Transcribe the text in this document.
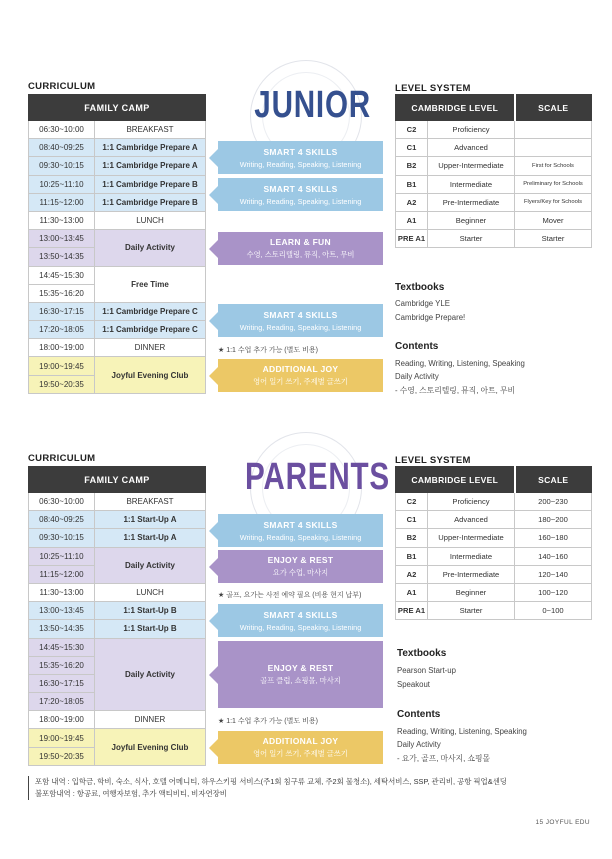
CURRICULUM
FAMILY CAMP	
06:30~10:00	BREAKFAST
08:40~09:25	1:1 Cambridge Prepare A
09:30~10:15	1:1 Cambridge Prepare A
10:25~11:10	1:1 Cambridge Prepare B
11:15~12:00	1:1 Cambridge Prepare B
11:30~13:00	LUNCH
13:00~13:45	Daily Activity
13:50~14:35	
14:45~15:30	Free Time
15:35~16:20	
16:30~17:15	1:1 Cambridge Prepare C
17:20~18:05	1:1 Cambridge Prepare C
18:00~19:00	DINNER
19:00~19:45	Joyful Evening Club
19:50~20:35	
JUNIOR
SMART 4 SKILLS
Writing, Reading, Speaking, Listening
SMART 4 SKILLS
Writing, Reading, Speaking, Listening
LEARN & FUN
수영, 스토리텔링, 뮤직, 아트, 무비
SMART 4 SKILLS
Writing, Reading, Speaking, Listening
★ 1:1 수업 추가 가능 (별도 비용)
ADDITIONAL JOY
영어 일기 쓰기, 주제별 글쓰기
LEVEL SYSTEM
CAMBRIDGE LEVEL		SCALE
C2	Proficiency	
C1	Advanced	
B2	Upper-Intermediate	First for Schools
B1	Intermediate	Preliminary for Schools
A2	Pre-Intermediate	Flyers/Key for Schools
A1	Beginner	Mover
PRE A1	Starter	Starter
Textbooks
Cambridge YLE
Cambridge Prepare!
Contents
Reading, Writing, Listening, Speaking
Daily Activity
- 수영, 스토리텔링, 뮤직, 아트, 무비
CURRICULUM
FAMILY CAMP	
06:30~10:00	BREAKFAST
08:40~09:25	1:1 Start-Up A
09:30~10:15	1:1 Start-Up A
10:25~11:10	Daily Activity
11:15~12:00	
11:30~13:00	LUNCH
13:00~13:45	1:1 Start-Up B
13:50~14:35	1:1 Start-Up B
14:45~15:30	Daily Activity
15:35~16:20	
16:30~17:15	
17:20~18:05	
18:00~19:00	DINNER
19:00~19:45	Joyful Evening Club
19:50~20:35	
PARENTS
SMART 4 SKILLS
Writing, Reading, Speaking, Listening
ENJOY & REST
요가 수업, 마사지
★ 골프, 요가는 사전 예약 필요 (비용 현지 납부)
SMART 4 SKILLS
Writing, Reading, Speaking, Listening
ENJOY & REST
골프 클럽, 쇼핑몰, 마사지
★ 1:1 수업 추가 가능 (별도 비용)
ADDITIONAL JOY
영어 일기 쓰기, 주제별 글쓰기
LEVEL SYSTEM
CAMBRIDGE LEVEL		SCALE
C2	Proficiency	200~230
C1	Advanced	180~200
B2	Upper-Intermediate	160~180
B1	Intermediate	140~160
A2	Pre-Intermediate	120~140
A1	Beginner	100~120
PRE A1	Starter	0~100
Textbooks
Pearson Start-up
Speakout
Contents
Reading, Writing, Listening, Speaking
Daily Activity
- 요가, 골프, 마사지, 쇼핑몰
포함 내역 : 입학금, 학비, 숙소, 식사, 호텔 어메니티, 하우스키핑 서비스(주1회 침구류 교체, 주2회 물청소), 세탁서비스, SSP, 관리비, 공항 픽업&센딩
불포함내역 : 항공료, 여행자보험, 추가 액티비티, 비자연장비
15 JOYFUL EDU
